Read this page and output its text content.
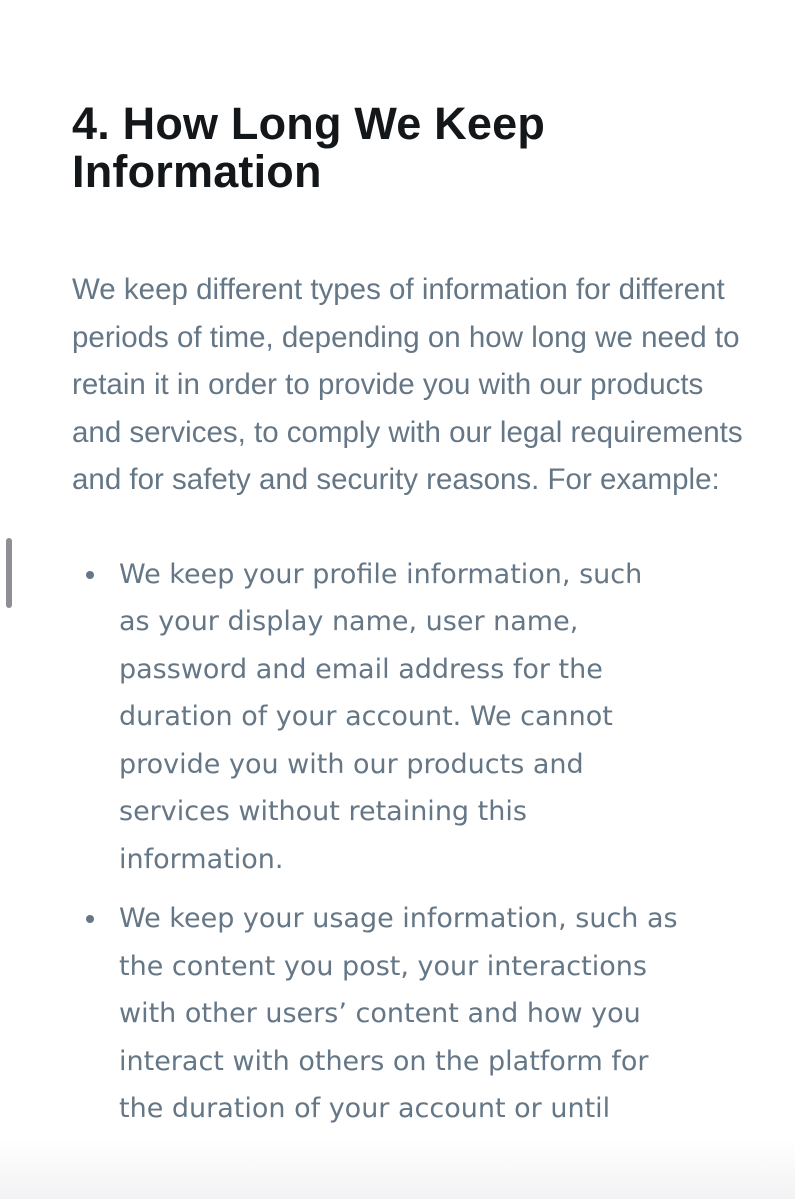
4. How Long We Keep Information

We keep different types of information for different periods of time, depending on how long we need to retain it in order to provide you with our products and services, to comply with our legal requirements and for safety and security reasons. For example:

We keep your profile information, such as your display name, user name, password and email address for the duration of your account. We cannot provide you with our products and services without retaining this information.
We keep your usage information, such as the content you post, your interactions with other users’ content and how you interact with others on the platform for the duration of your account or until
